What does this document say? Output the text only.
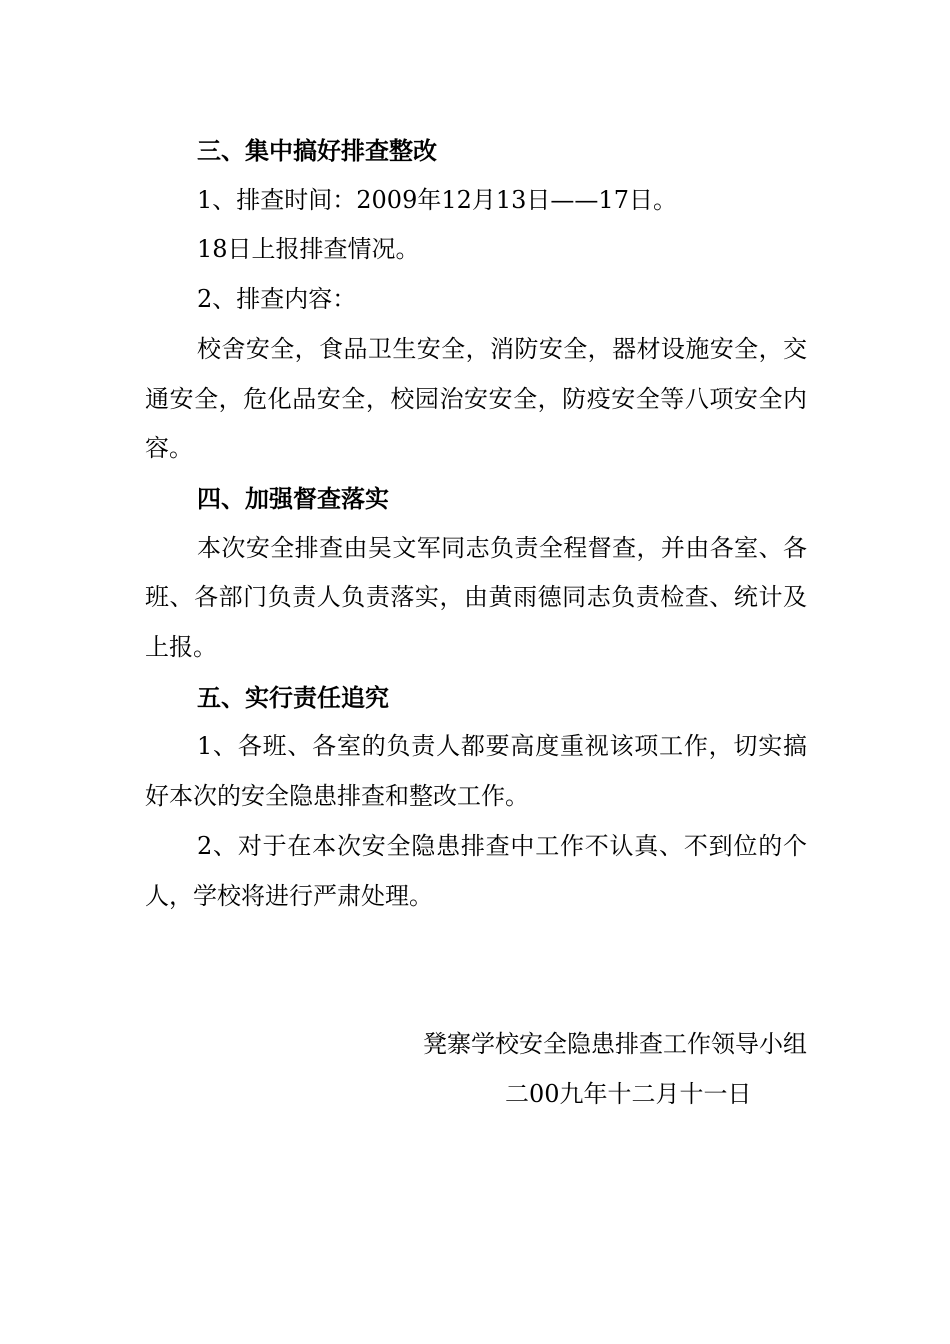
三、集中搞好排查整改

1、排查时间：2009年12月13日——17日。

18日上报排查情况。

2、排查内容：

校舍安全，食品卫生安全，消防安全，器材设施安全，交通安全，危化品安全，校园治安安全，防疫安全等八项安全内容。

四、加强督查落实

本次安全排查由吴文军同志负责全程督查，并由各室、各班、各部门负责人负责落实，由黄雨德同志负责检查、统计及上报。

五、实行责任追究

1、各班、各室的负责人都要高度重视该项工作，切实搞好本次的安全隐患排查和整改工作。

2、对于在本次安全隐患排查中工作不认真、不到位的个人，学校将进行严肃处理。

凳寨学校安全隐患排查工作领导小组
二00九年十二月十一日
